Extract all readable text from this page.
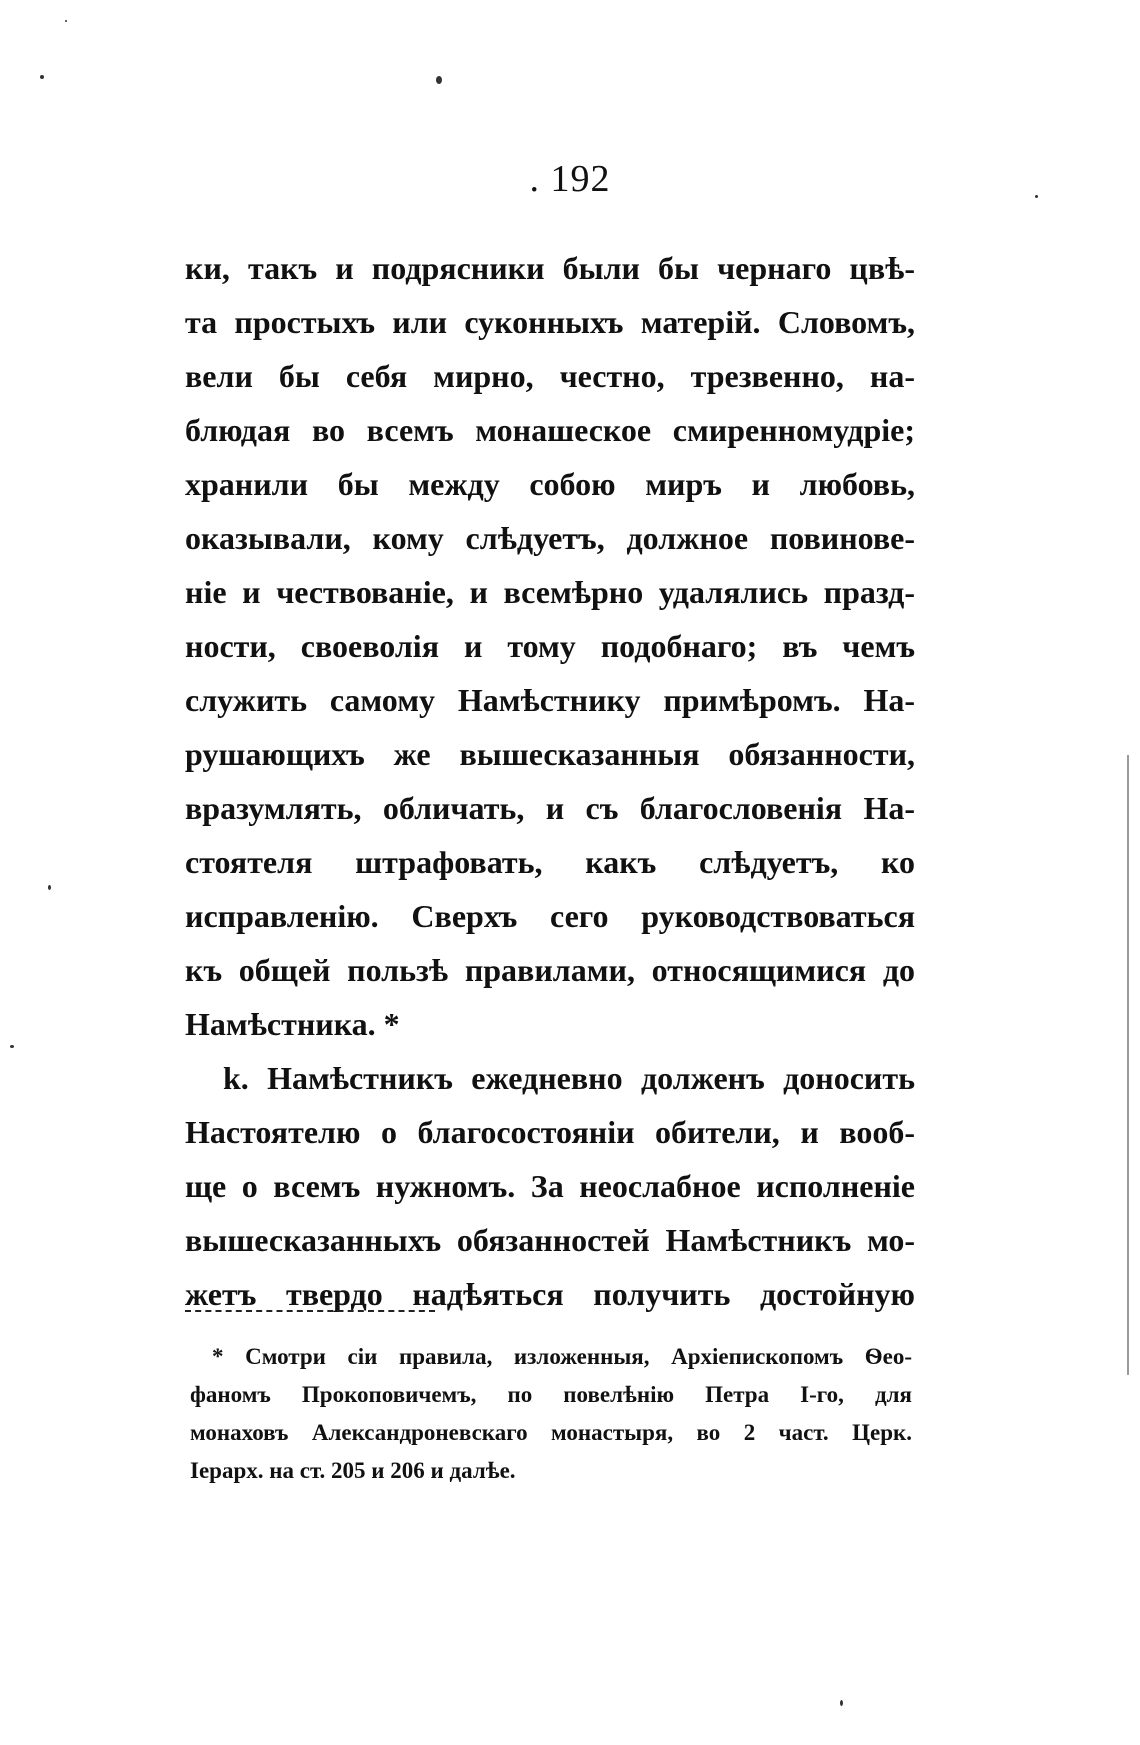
. 192
ки, такъ и подрясники были бы чернаго цвѣ-
та простыхъ или суконныхъ матерій. Словомъ,
вели бы себя мирно, честно, трезвенно, на-
блюдая во всемъ монашеское смиренномудріе;
хранили бы между собою миръ и любовь,
оказывали, кому слѣдуетъ, должное повинове-
ніе и чествованіе, и всемѣрно удалялись празд-
ности, своеволія и тому подобнаго; въ чемъ
служить самому Намѣстнику примѣромъ. На-
рушающихъ же вышесказанныя обязанности,
вразумлять, обличать, и съ благословенія На-
стоятеля штрафовать, какъ слѣдуетъ, ко
исправленію. Сверхъ сего руководствоваться
къ общей пользѣ правилами, относящимися до
Намѣстника. *
k. Намѣстникъ ежедневно долженъ доносить
Настоятелю о благосостояніи обители, и вооб-
ще о всемъ нужномъ. За неослабное исполненіе
вышесказанныхъ обязанностей Намѣстникъ мо-
жетъ твердо надѣяться получить достойную
* Смотри сіи правила, изложенныя, Архіепископомъ Ѳео-
фаномъ Прокоповичемъ, по повелѣнію Петра I-го, для
монаховъ Александроневскаго монастыря, во 2 част. Церк.
Іерарх. на ст. 205 и 206 и далѣе.
